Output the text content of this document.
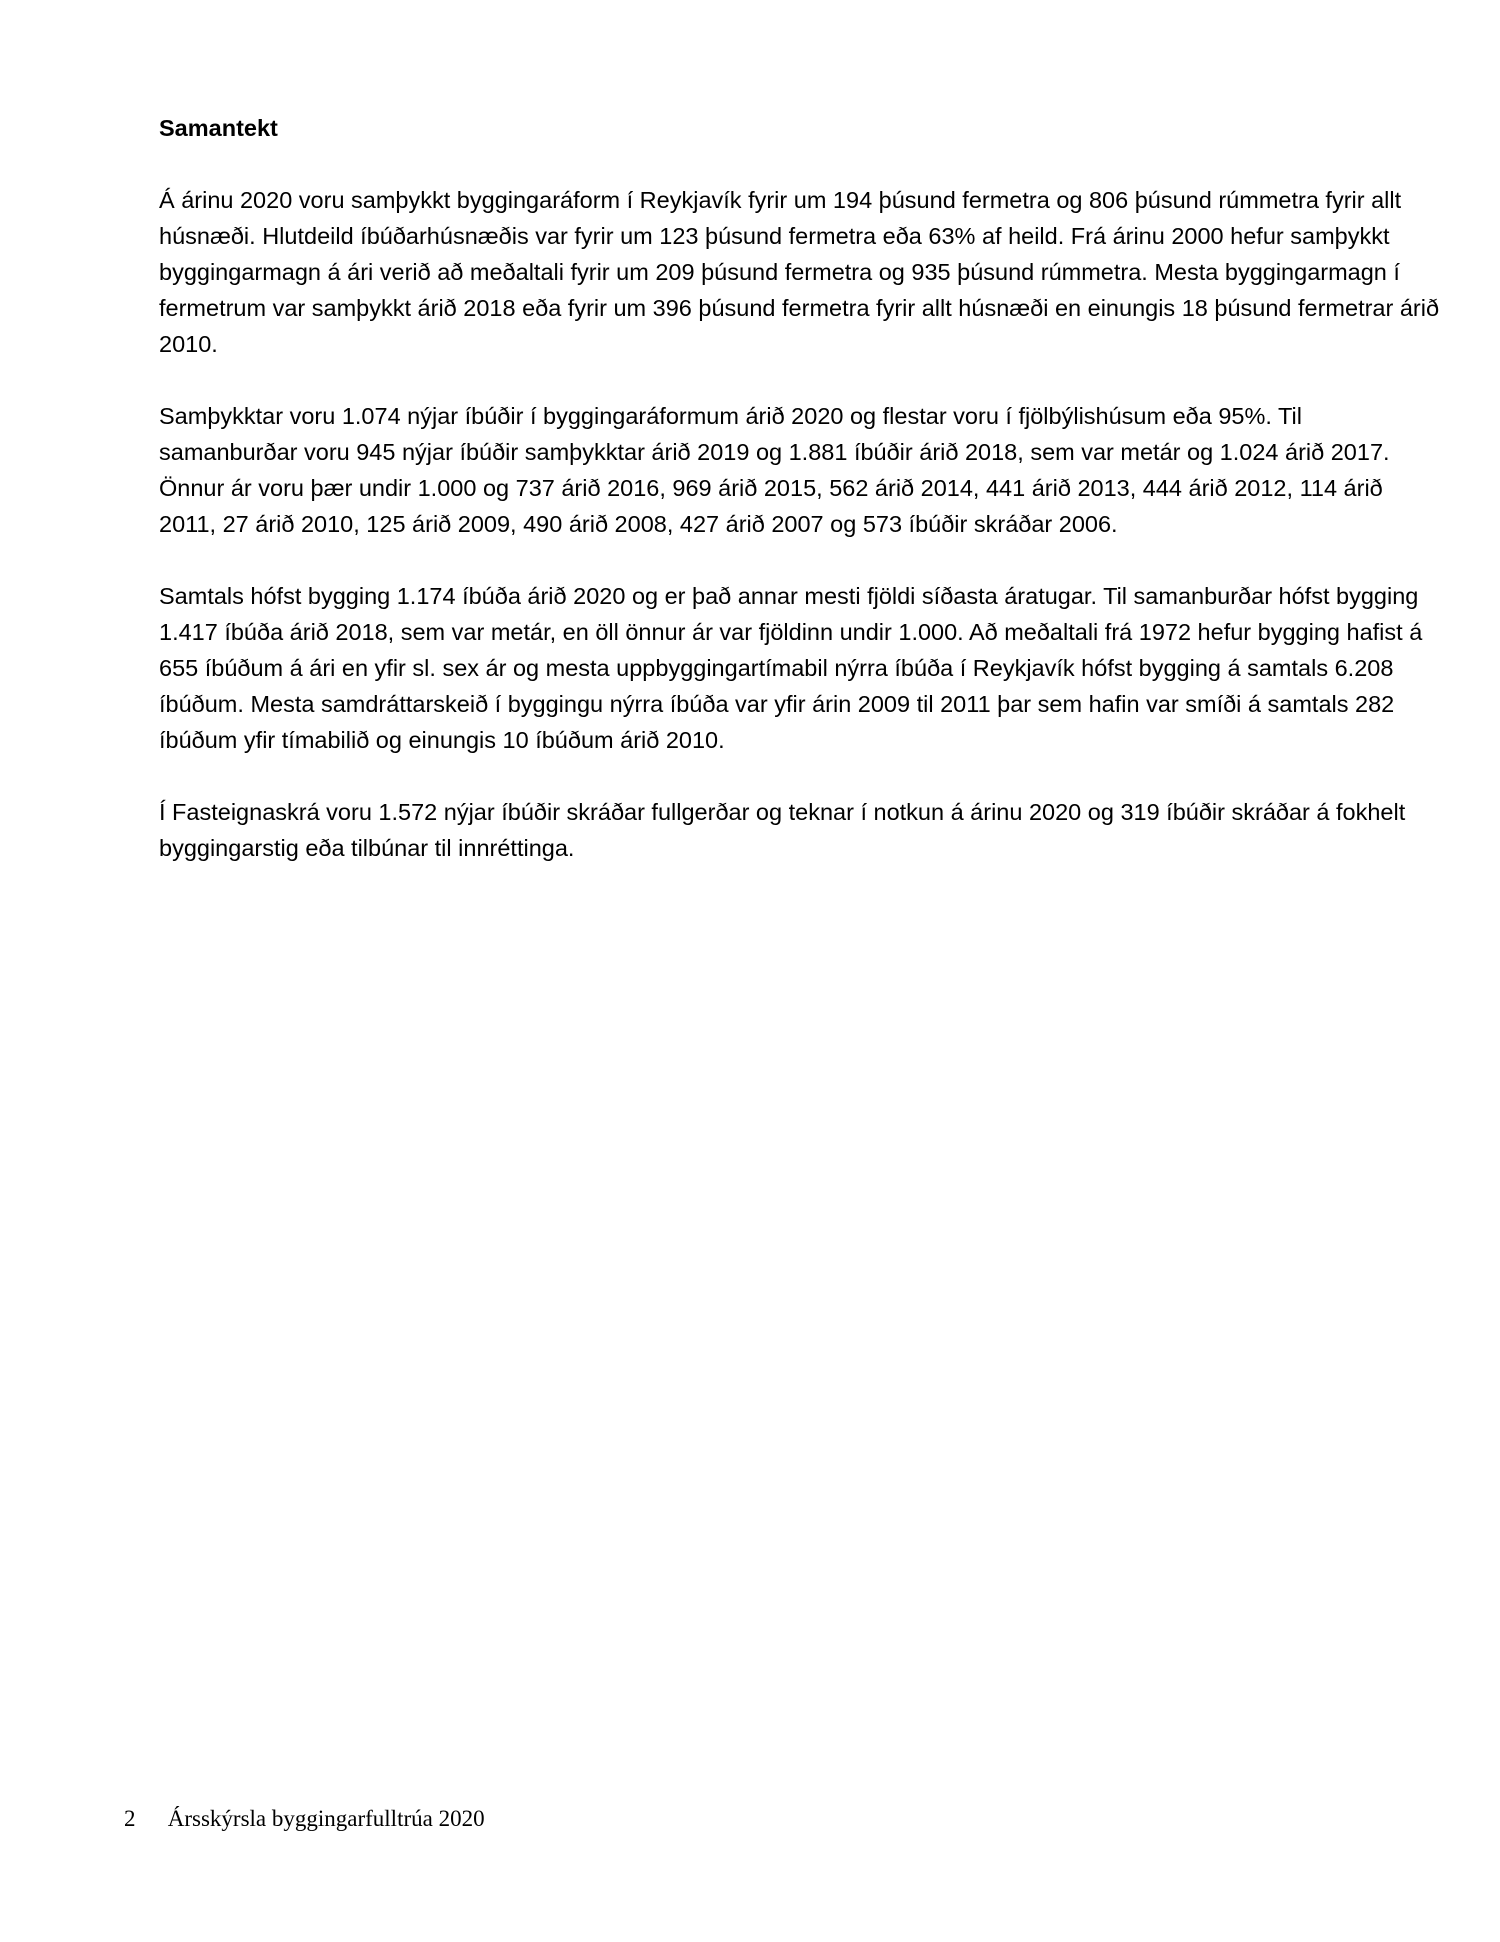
Samantekt

Á árinu 2020 voru samþykkt byggingaráform í Reykjavík fyrir um 194 þúsund fermetra og 806 þúsund rúmmetra fyrir allt húsnæði. Hlutdeild íbúðarhúsnæðis var fyrir um 123 þúsund fermetra eða 63% af heild. Frá árinu 2000 hefur samþykkt byggingarmagn á ári verið að meðaltali fyrir um 209 þúsund fermetra og 935 þúsund rúmmetra. Mesta byggingarmagn í fermetrum var samþykkt árið 2018 eða fyrir um 396 þúsund fermetra fyrir allt húsnæði en einungis 18 þúsund fermetrar árið 2010.

Samþykktar voru 1.074 nýjar íbúðir í byggingaráformum árið 2020 og flestar voru í fjölbýlishúsum eða 95%. Til samanburðar voru 945 nýjar íbúðir samþykktar árið 2019 og 1.881 íbúðir árið 2018, sem var metár og 1.024 árið 2017. Önnur ár voru þær undir 1.000 og 737 árið 2016, 969 árið 2015, 562 árið 2014, 441 árið 2013, 444 árið 2012, 114 árið 2011, 27 árið 2010, 125 árið 2009, 490 árið 2008, 427 árið 2007 og 573 íbúðir skráðar 2006.

Samtals hófst bygging 1.174 íbúða árið 2020 og er það annar mesti fjöldi síðasta áratugar. Til samanburðar hófst bygging 1.417 íbúða árið 2018, sem var metár, en öll önnur ár var fjöldinn undir 1.000. Að meðaltali frá 1972 hefur bygging hafist á 655 íbúðum á ári en yfir sl. sex ár og mesta uppbyggingartímabil nýrra íbúða í Reykjavík hófst bygging á samtals 6.208 íbúðum. Mesta samdráttarskeið í byggingu nýrra íbúða var yfir árin 2009 til 2011 þar sem hafin var smíði á samtals 282 íbúðum yfir tímabilið og einungis 10 íbúðum árið 2010.

Í Fasteignaskrá voru 1.572 nýjar íbúðir skráðar fullgerðar og teknar í notkun á árinu 2020 og 319 íbúðir skráðar á fokhelt byggingarstig eða tilbúnar til innréttinga.

2 Ársskýrsla byggingarfulltrúa 2020
